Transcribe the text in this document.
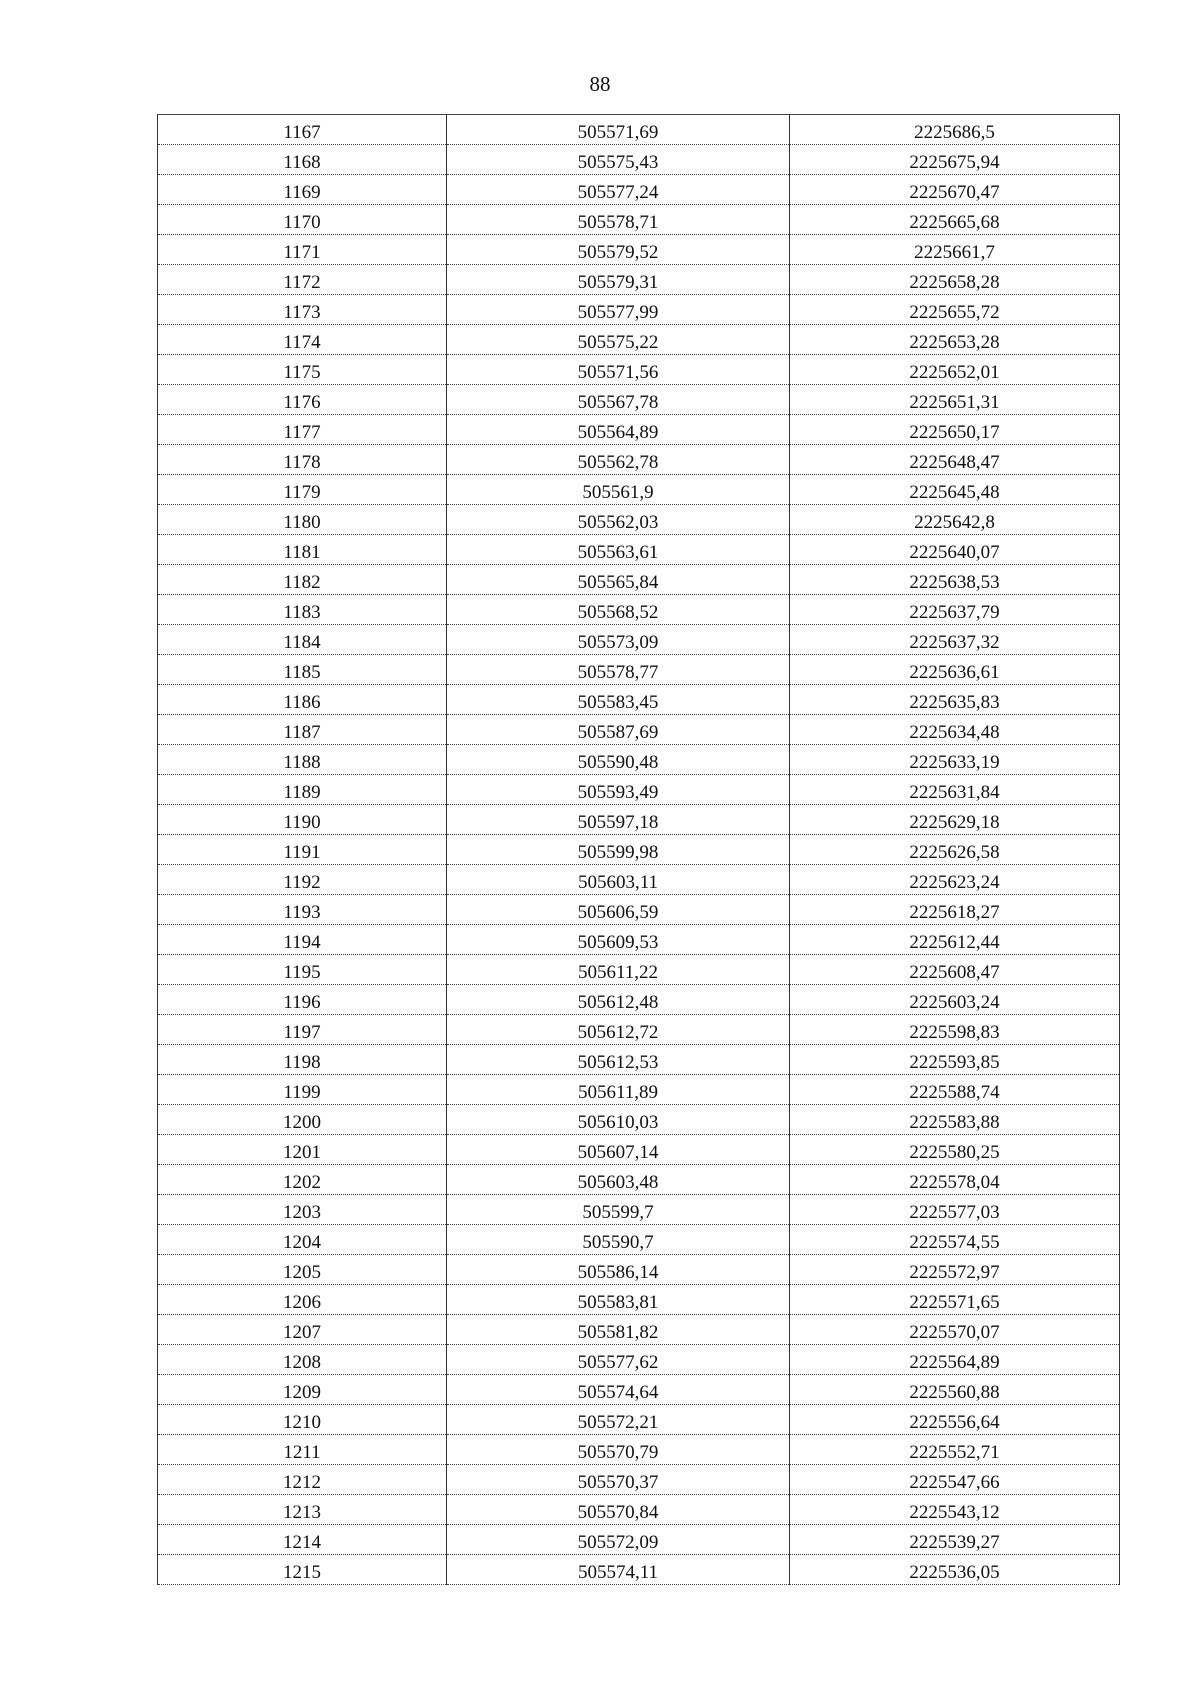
88
1167	505571,69	2225686,5
1168	505575,43	2225675,94
1169	505577,24	2225670,47
1170	505578,71	2225665,68
1171	505579,52	2225661,7
1172	505579,31	2225658,28
1173	505577,99	2225655,72
1174	505575,22	2225653,28
1175	505571,56	2225652,01
1176	505567,78	2225651,31
1177	505564,89	2225650,17
1178	505562,78	2225648,47
1179	505561,9	2225645,48
1180	505562,03	2225642,8
1181	505563,61	2225640,07
1182	505565,84	2225638,53
1183	505568,52	2225637,79
1184	505573,09	2225637,32
1185	505578,77	2225636,61
1186	505583,45	2225635,83
1187	505587,69	2225634,48
1188	505590,48	2225633,19
1189	505593,49	2225631,84
1190	505597,18	2225629,18
1191	505599,98	2225626,58
1192	505603,11	2225623,24
1193	505606,59	2225618,27
1194	505609,53	2225612,44
1195	505611,22	2225608,47
1196	505612,48	2225603,24
1197	505612,72	2225598,83
1198	505612,53	2225593,85
1199	505611,89	2225588,74
1200	505610,03	2225583,88
1201	505607,14	2225580,25
1202	505603,48	2225578,04
1203	505599,7	2225577,03
1204	505590,7	2225574,55
1205	505586,14	2225572,97
1206	505583,81	2225571,65
1207	505581,82	2225570,07
1208	505577,62	2225564,89
1209	505574,64	2225560,88
1210	505572,21	2225556,64
1211	505570,79	2225552,71
1212	505570,37	2225547,66
1213	505570,84	2225543,12
1214	505572,09	2225539,27
1215	505574,11	2225536,05
